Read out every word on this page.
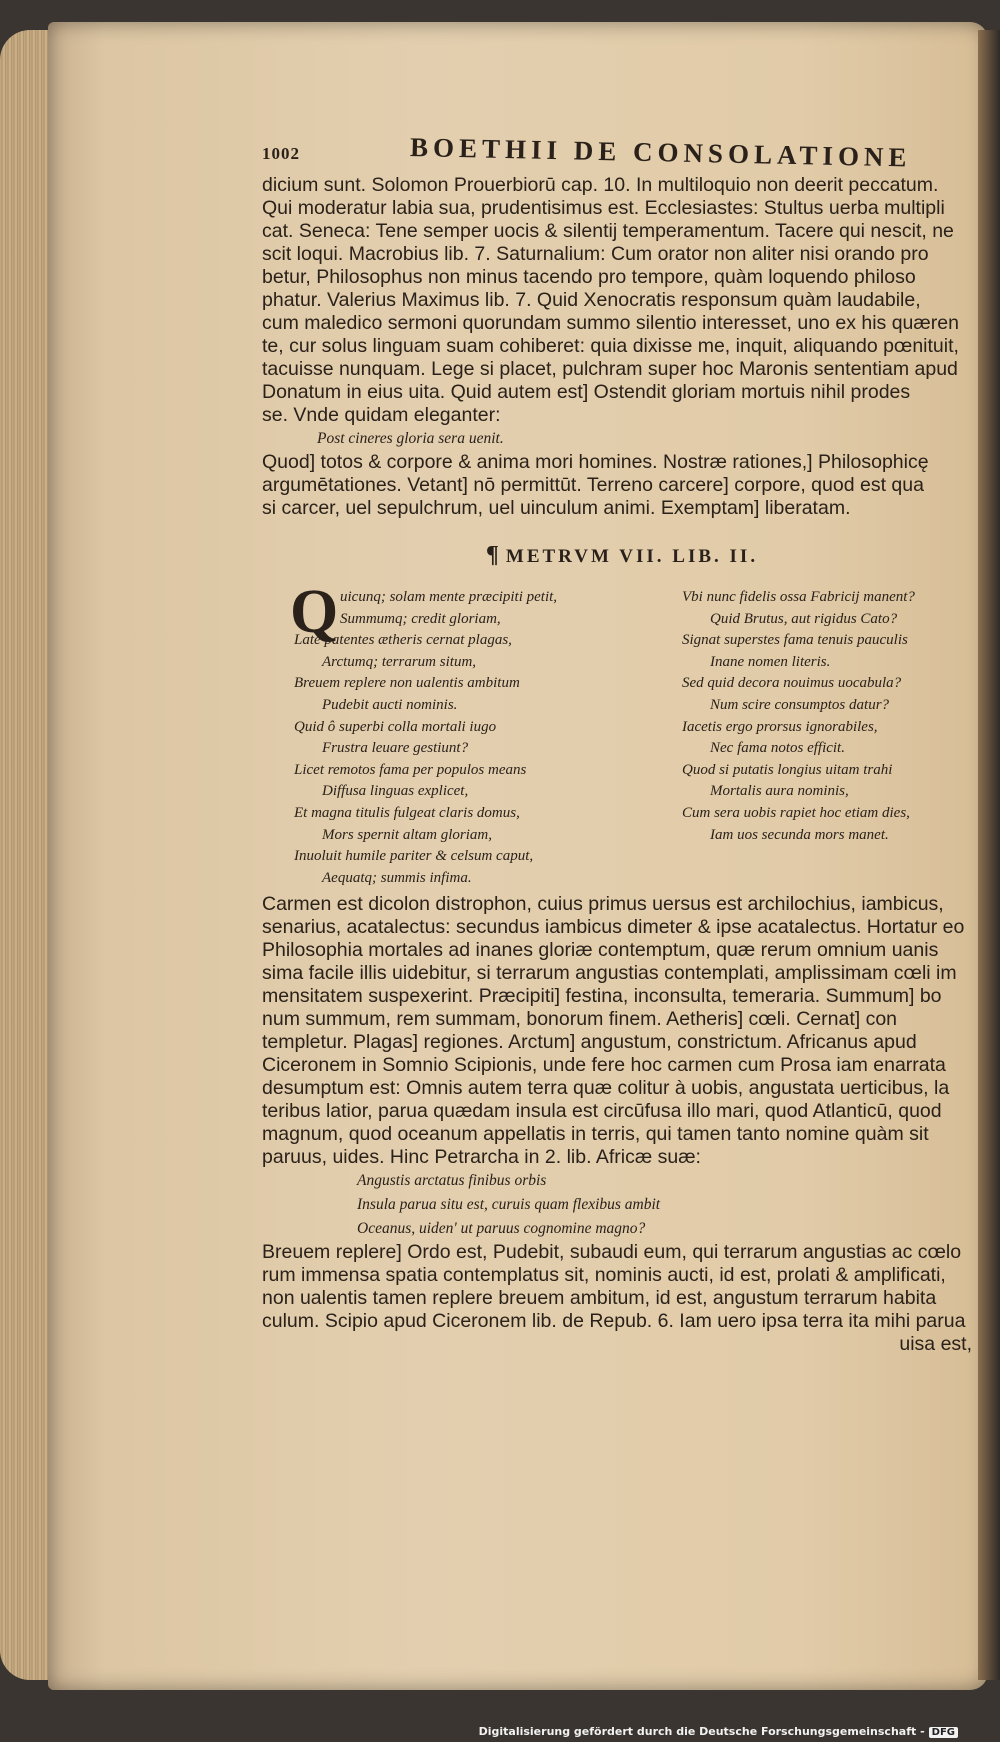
1002	BOETHII DE CONSOLATIONE
dicium sunt. Solomon Prouerbiorū cap. 10. In multiloquio non deerit peccatum.
Qui moderatur labia sua, prudentisimus est. Ecclesiastes: Stultus uerba multipli
cat. Seneca: Tene semper uocis & silentij temperamentum. Tacere qui nescit, ne
scit loqui. Macrobius lib. 7. Saturnalium: Cum orator non aliter nisi orando pro
betur, Philosophus non minus tacendo pro tempore, quàm loquendo philoso
phatur. Valerius Maximus lib. 7. Quid Xenocratis responsum quàm laudabile,
cum maledico sermoni quorundam summo silentio interesset, uno ex his quæren
te, cur solus linguam suam cohiberet: quia dixisse me, inquit, aliquando pœnituit,
tacuisse nunquam. Lege si placet, pulchram super hoc Maronis sententiam apud
Donatum in eius uita. Quid autem est] Ostendit gloriam mortuis nihil prodes
se. Vnde quidam eleganter:
Post cineres gloria sera uenit.
Quod] totos & corpore & anima mori homines. Nostræ rationes,] Philosophicę
argumētationes. Vetant] nō permittūt. Terreno carcere] corpore, quod est qua
si carcer, uel sepulchrum, uel uinculum animi. Exemptam] liberatam.
¶ METRVM VII. LIB. II.
Q uicunq; solam mente præcipiti petit,
Summumq; credit gloriam,
Late patentes ætheris cernat plagas,
Arctumq; terrarum situm,
Breuem replere non ualentis ambitum
Pudebit aucti nominis.
Quid ô superbi colla mortali iugo
Frustra leuare gestiunt?
Licet remotos fama per populos means
Diffusa linguas explicet,
Et magna titulis fulgeat claris domus,
Mors spernit altam gloriam,
Inuoluit humile pariter & celsum caput,
Aequatq; summis infima.
Vbi nunc fidelis ossa Fabricij manent?
Quid Brutus, aut rigidus Cato?
Signat superstes fama tenuis pauculis
Inane nomen literis.
Sed quid decora nouimus uocabula?
Num scire consumptos datur?
Iacetis ergo prorsus ignorabiles,
Nec fama notos efficit.
Quod si putatis longius uitam trahi
Mortalis aura nominis,
Cum sera uobis rapiet hoc etiam dies,
Iam uos secunda mors manet.
Carmen est dicolon distrophon, cuius primus uersus est archilochius, iambicus,
senarius, acatalectus: secundus iambicus dimeter & ipse acatalectus. Hortatur eo
Philosophia mortales ad inanes gloriæ contemptum, quæ rerum omnium uanis
sima facile illis uidebitur, si terrarum angustias contemplati, amplissimam cœli im
mensitatem suspexerint. Præcipiti] festina, inconsulta, temeraria. Summum] bo
num summum, rem summam, bonorum finem. Aetheris] cœli. Cernat] con
templetur. Plagas] regiones. Arctum] angustum, constrictum. Africanus apud
Ciceronem in Somnio Scipionis, unde fere hoc carmen cum Prosa iam enarrata
desumptum est: Omnis autem terra quæ colitur à uobis, angustata uerticibus, la
teribus latior, parua quædam insula est circūfusa illo mari, quod Atlanticū, quod
magnum, quod oceanum appellatis in terris, qui tamen tanto nomine quàm sit
paruus, uides. Hinc Petrarcha in 2. lib. Africæ suæ:
Angustis arctatus finibus orbis
Insula parua situ est, curuis quam flexibus ambit
Oceanus, uiden' ut paruus cognomine magno?
Breuem replere] Ordo est, Pudebit, subaudi eum, qui terrarum angustias ac cœlo
rum immensa spatia contemplatus sit, nominis aucti, id est, prolati & amplificati,
non ualentis tamen replere breuem ambitum, id est, angustum terrarum habita
culum. Scipio apud Ciceronem lib. de Repub. 6. Iam uero ipsa terra ita mihi parua
uisa est,
Digitalisierung gefördert durch die Deutsche Forschungsgemeinschaft - DFG
